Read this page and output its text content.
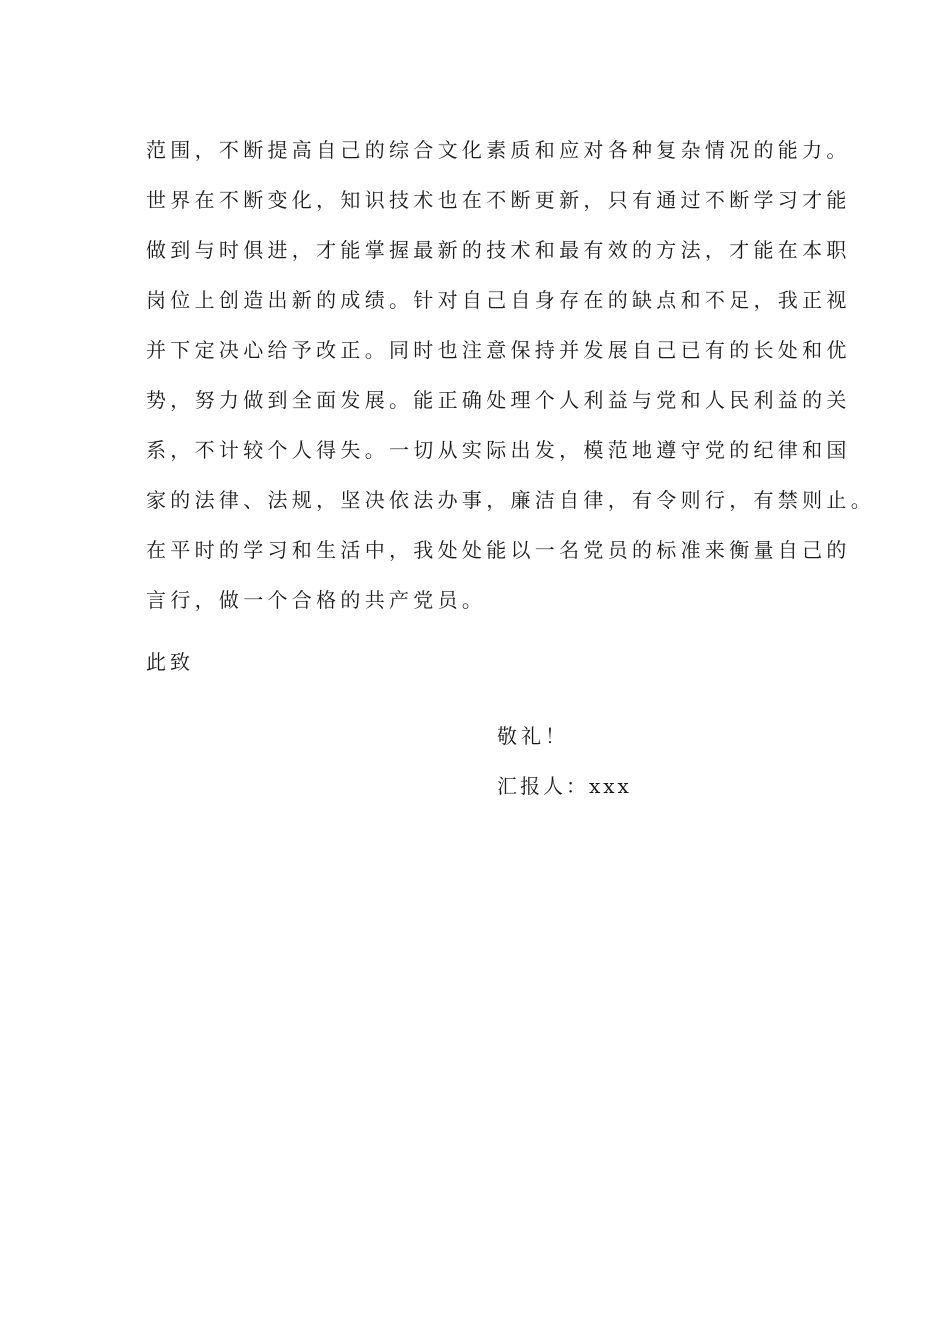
范围，不断提高自己的综合文化素质和应对各种复杂情况的能力。
世界在不断变化，知识技术也在不断更新，只有通过不断学习才能
做到与时俱进，才能掌握最新的技术和最有效的方法，才能在本职
岗位上创造出新的成绩。针对自己自身存在的缺点和不足，我正视
并下定决心给予改正。同时也注意保持并发展自己已有的长处和优
势，努力做到全面发展。能正确处理个人利益与党和人民利益的关
系，不计较个人得失。一切从实际出发，模范地遵守党的纪律和国
家的法律、法规，坚决依法办事，廉洁自律，有令则行，有禁则止。
在平时的学习和生活中，我处处能以一名党员的标准来衡量自己的
言行，做一个合格的共产党员。
此致
敬礼！
汇报人：xxx
